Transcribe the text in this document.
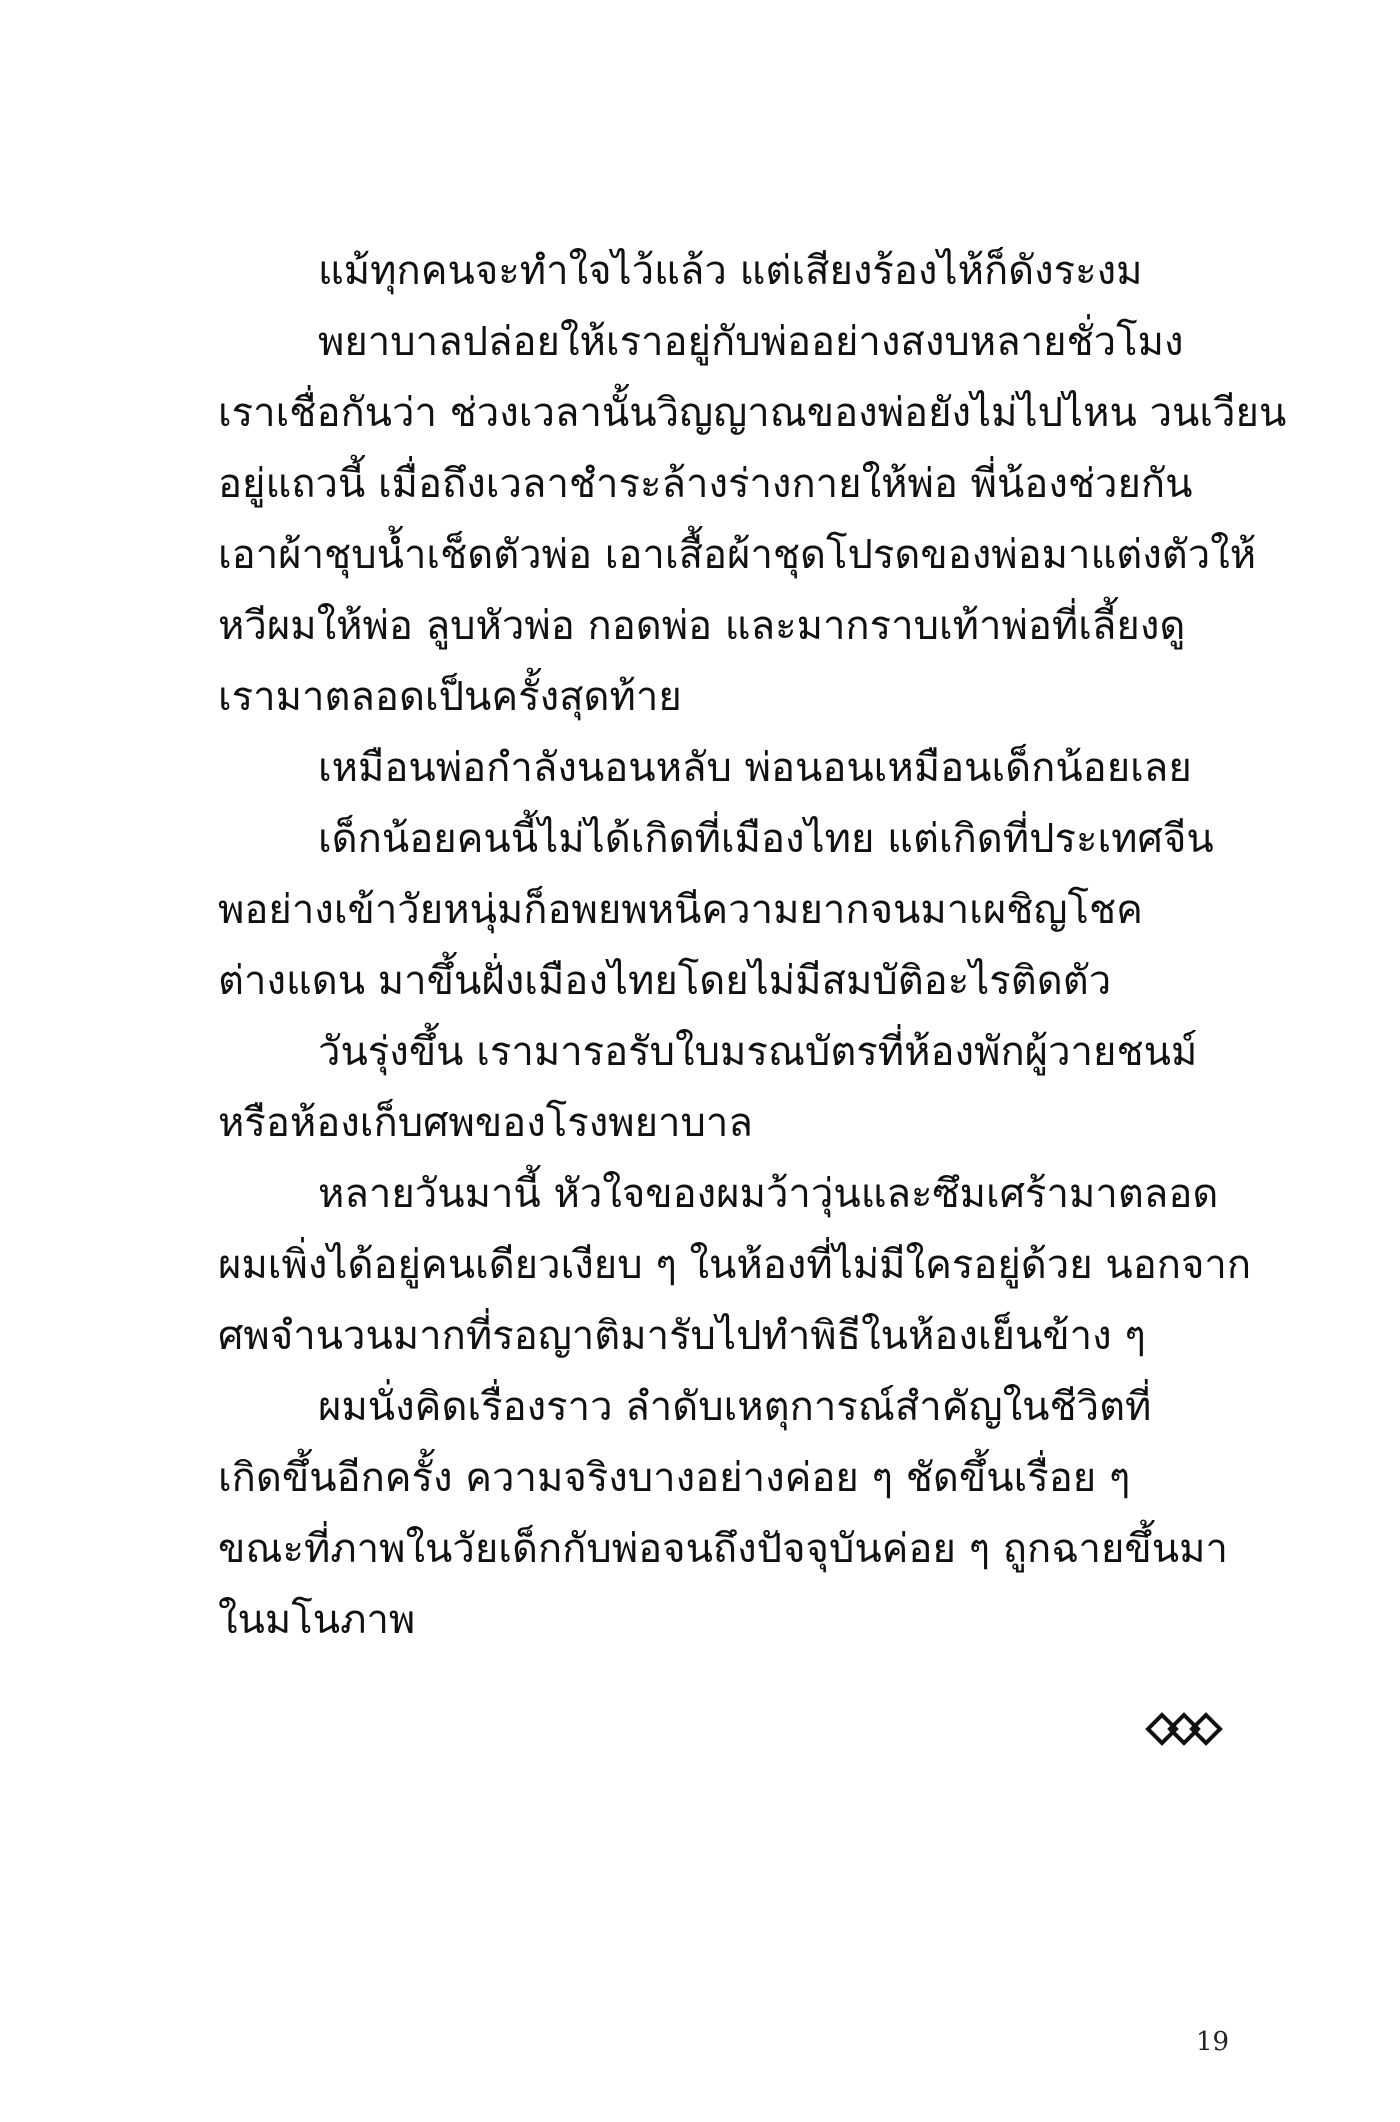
แม้ทุกคนจะทำใจไว้แล้ว แต่เสียงร้องไห้ก็ดังระงม
พยาบาลปล่อยให้เราอยู่กับพ่ออย่างสงบหลายชั่วโมง
เราเชื่อกันว่า ช่วงเวลานั้นวิญญาณของพ่อยังไม่ไปไหน วนเวียน
อยู่แถวนี้ เมื่อถึงเวลาชำระล้างร่างกายให้พ่อ พี่น้องช่วยกัน
เอาผ้าชุบน้ำเช็ดตัวพ่อ เอาเสื้อผ้าชุดโปรดของพ่อมาแต่งตัวให้
หวีผมให้พ่อ ลูบหัวพ่อ กอดพ่อ และมากราบเท้าพ่อที่เลี้ยงดู
เรามาตลอดเป็นครั้งสุดท้าย
เหมือนพ่อกำลังนอนหลับ พ่อนอนเหมือนเด็กน้อยเลย
เด็กน้อยคนนี้ไม่ได้เกิดที่เมืองไทย แต่เกิดที่ประเทศจีน
พอย่างเข้าวัยหนุ่มก็อพยพหนีความยากจนมาเผชิญโชค
ต่างแดน มาขึ้นฝั่งเมืองไทยโดยไม่มีสมบัติอะไรติดตัว
วันรุ่งขึ้น เรามารอรับใบมรณบัตรที่ห้องพักผู้วายชนม์
หรือห้องเก็บศพของโรงพยาบาล
หลายวันมานี้ หัวใจของผมว้าวุ่นและซึมเศร้ามาตลอด
ผมเพิ่งได้อยู่คนเดียวเงียบ ๆ ในห้องที่ไม่มีใครอยู่ด้วย นอกจาก
ศพจำนวนมากที่รอญาติมารับไปทำพิธีในห้องเย็นข้าง ๆ
ผมนั่งคิดเรื่องราว ลำดับเหตุการณ์สำคัญในชีวิตที่
เกิดขึ้นอีกครั้ง ความจริงบางอย่างค่อย ๆ ชัดขึ้นเรื่อย ๆ
ขณะที่ภาพในวัยเด็กกับพ่อจนถึงปัจจุบันค่อย ๆ ถูกฉายขึ้นมา
ในมโนภาพ
19
